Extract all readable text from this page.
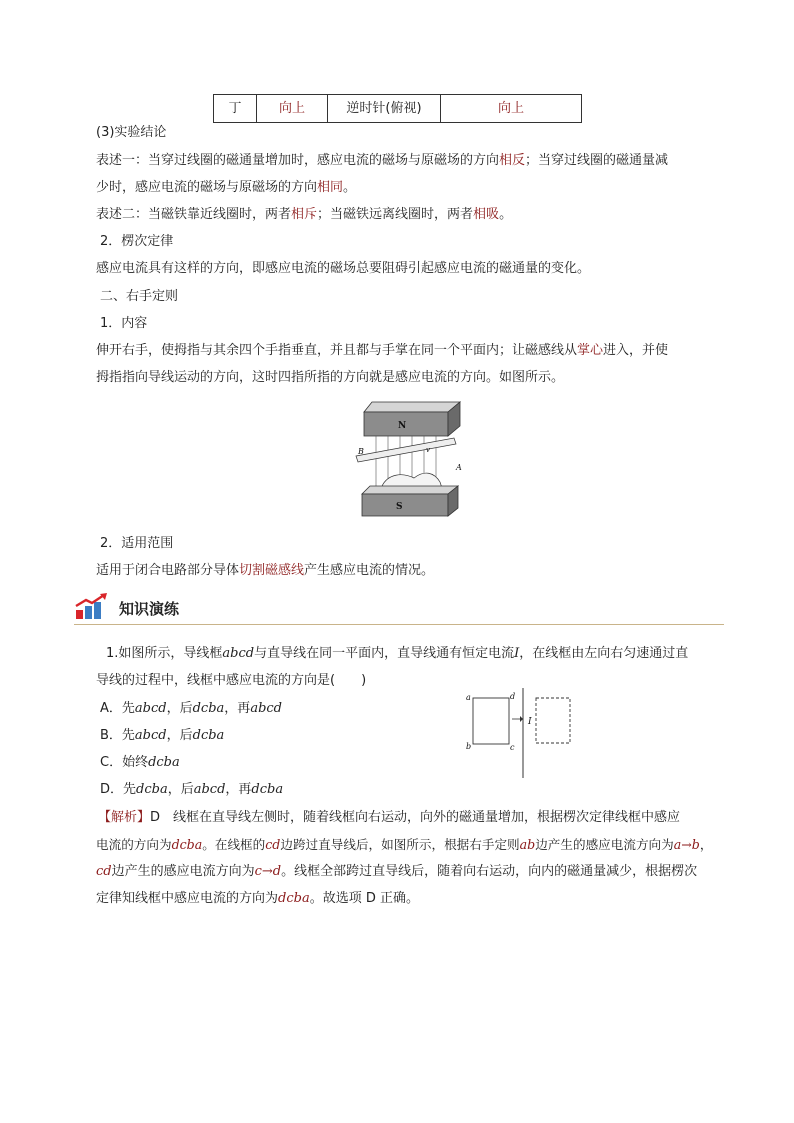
丁	向上	逆时针(俯视)	向上
(3)实验结论
表述一：当穿过线圈的磁通量增加时，感应电流的磁场与原磁场的方向相反；当穿过线圈的磁通量减
少时，感应电流的磁场与原磁场的方向相同。
表述二：当磁铁靠近线圈时，两者相斥；当磁铁远离线圈时，两者相吸。
2．楞次定律
感应电流具有这样的方向，即感应电流的磁场总要阻碍引起感应电流的磁通量的变化。
二、右手定则
1．内容
伸开右手，使拇指与其余四个手指垂直，并且都与手掌在同一个平面内；让磁感线从掌心进入，并使
拇指指向导线运动的方向，这时四指所指的方向就是感应电流的方向。如图所示。
N
B
A
v
S
2．适用范围
适用于闭合电路部分导体切割磁感线产生感应电流的情况。
知识演练
1.如图所示，导线框abcd与直导线在同一平面内，直导线通有恒定电流I，在线框由左向右匀速通过直
导线的过程中，线框中感应电流的方向是(　　)
A．先abcd，后dcba，再abcd
B．先abcd，后dcba
C．始终dcba
D．先dcba，后abcd，再dcba
a
b	c
d
I
【解析】D　线框在直导线左侧时，随着线框向右运动，向外的磁通量增加，根据楞次定律线框中感应
电流的方向为dcba。在线框的cd边跨过直导线后，如图所示，根据右手定则ab边产生的感应电流方向为a→b，
cd边产生的感应电流方向为c→d。线框全部跨过直导线后，随着向右运动，向内的磁通量减少，根据楞次
定律知线框中感应电流的方向为dcba。故选项 D 正确。
